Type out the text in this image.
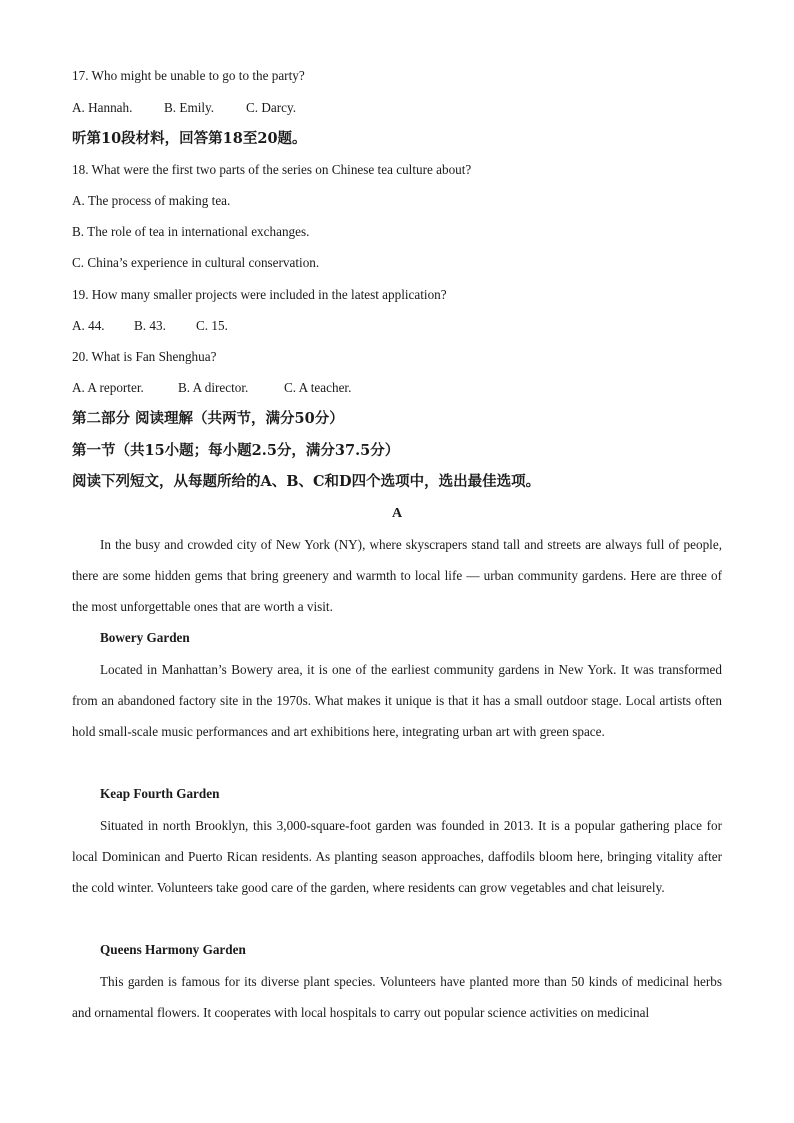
17. Who might be unable to go to the party?
A. Hannah. B. Emily. C. Darcy.
听第10段材料，回答第18至20题。
18. What were the first two parts of the series on Chinese tea culture about?
A. The process of making tea.
B. The role of tea in international exchanges.
C. China’s experience in cultural conservation.
19. How many smaller projects were included in the latest application?
A. 44. B. 43. C. 15.
20. What is Fan Shenghua?
A. A reporter.	B. A director.	C. A teacher.
第二部分 阅读理解（共两节，满分50分）
第一节（共15小题；每小题2.5分，满分37.5分）
阅读下列短文，从每题所给的A、B、C和D四个选项中，选出最佳选项。
A
In the busy and crowded city of New York (NY), where skyscrapers stand tall and streets are always full of people, there are some hidden gems that bring greenery and warmth to local life — urban community gardens. Here are three of the most unforgettable ones that are worth a visit.
Bowery Garden
Located in Manhattan’s Bowery area, it is one of the earliest community gardens in New York. It was transformed from an abandoned factory site in the 1970s. What makes it unique is that it has a small outdoor stage. Local artists often hold small-scale music performances and art exhibitions here, integrating urban art with green space.
Keap Fourth Garden
Situated in north Brooklyn, this 3,000-square-foot garden was founded in 2013. It is a popular gathering place for local Dominican and Puerto Rican residents. As planting season approaches, daffodils bloom here, bringing vitality after the cold winter. Volunteers take good care of the garden, where residents can grow vegetables and chat leisurely.
Queens Harmony Garden
This garden is famous for its diverse plant species. Volunteers have planted more than 50 kinds of medicinal herbs and ornamental flowers. It cooperates with local hospitals to carry out popular science activities on medicinal
